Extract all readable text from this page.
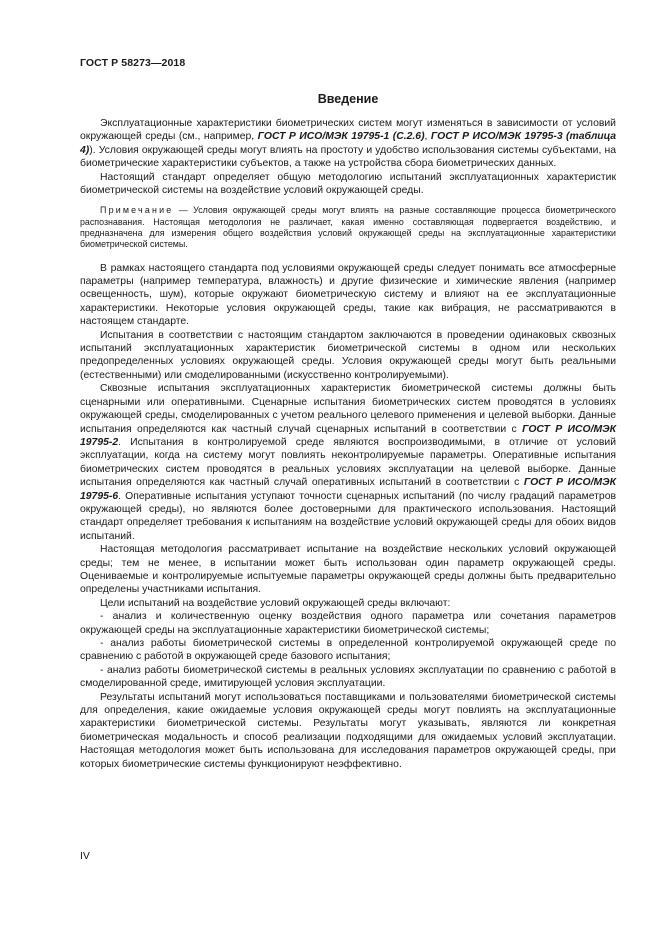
ГОСТ Р 58273—2018
Введение

Эксплуатационные характеристики биометрических систем могут изменяться в зависимости от условий окружающей среды (см., например, ГОСТ Р ИСО/МЭК 19795-1 (С.2.6), ГОСТ Р ИСО/МЭК 19795-3 (таблица 4)). Условия окружающей среды могут влиять на простоту и удобство использования системы субъектами, на биометрические характеристики субъектов, а также на устройства сбора биометрических данных.

Настоящий стандарт определяет общую методологию испытаний эксплуатационных характеристик биометрической системы на воздействие условий окружающей среды.

Примечание — Условия окружающей среды могут влиять на разные составляющие процесса биометрического распознавания. Настоящая методология не различает, какая именно составляющая подвергается воздействию, и предназначена для измерения общего воздействия условий окружающей среды на эксплуатационные характеристики биометрической системы.

В рамках настоящего стандарта под условиями окружающей среды следует понимать все атмосферные параметры (например температура, влажность) и другие физические и химические явления (например освещенность, шум), которые окружают биометрическую систему и влияют на ее эксплуатационные характеристики. Некоторые условия окружающей среды, такие как вибрация, не рассматриваются в настоящем стандарте.

Испытания в соответствии с настоящим стандартом заключаются в проведении одинаковых сквозных испытаний эксплуатационных характеристик биометрической системы в одном или нескольких предопределенных условиях окружающей среды. Условия окружающей среды могут быть реальными (естественными) или смоделированными (искусственно контролируемыми).

Сквозные испытания эксплуатационных характеристик биометрической системы должны быть сценарными или оперативными. Сценарные испытания биометрических систем проводятся в условиях окружающей среды, смоделированных с учетом реального целевого применения и целевой выборки. Данные испытания определяются как частный случай сценарных испытаний в соответствии с ГОСТ Р ИСО/МЭК 19795-2. Испытания в контролируемой среде являются воспроизводимыми, в отличие от условий эксплуатации, когда на систему могут повлиять неконтролируемые параметры. Оперативные испытания биометрических систем проводятся в реальных условиях эксплуатации на целевой выборке. Данные испытания определяются как частный случай оперативных испытаний в соответствии с ГОСТ Р ИСО/МЭК 19795-6. Оперативные испытания уступают точности сценарных испытаний (по числу градаций параметров окружающей среды), но являются более достоверными для практического использования. Настоящий стандарт определяет требования к испытаниям на воздействие условий окружающей среды для обоих видов испытаний.

Настоящая методология рассматривает испытание на воздействие нескольких условий окружающей среды; тем не менее, в испытании может быть использован один параметр окружающей среды. Оцениваемые и контролируемые испытуемые параметры окружающей среды должны быть предварительно определены участниками испытания.

Цели испытаний на воздействие условий окружающей среды включают:

- анализ и количественную оценку воздействия одного параметра или сочетания параметров окружающей среды на эксплуатационные характеристики биометрической системы;

- анализ работы биометрической системы в определенной контролируемой окружающей среде по сравнению с работой в окружающей среде базового испытания;

- анализ работы биометрической системы в реальных условиях эксплуатации по сравнению с работой в смоделированной среде, имитирующей условия эксплуатации.

Результаты испытаний могут использоваться поставщиками и пользователями биометрической системы для определения, какие ожидаемые условия окружающей среды могут повлиять на эксплуатационные характеристики биометрической системы. Результаты могут указывать, являются ли конкретная биометрическая модальность и способ реализации подходящими для ожидаемых условий эксплуатации. Настоящая методология может быть использована для исследования параметров окружающей среды, при которых биометрические системы функционируют неэффективно.

IV
